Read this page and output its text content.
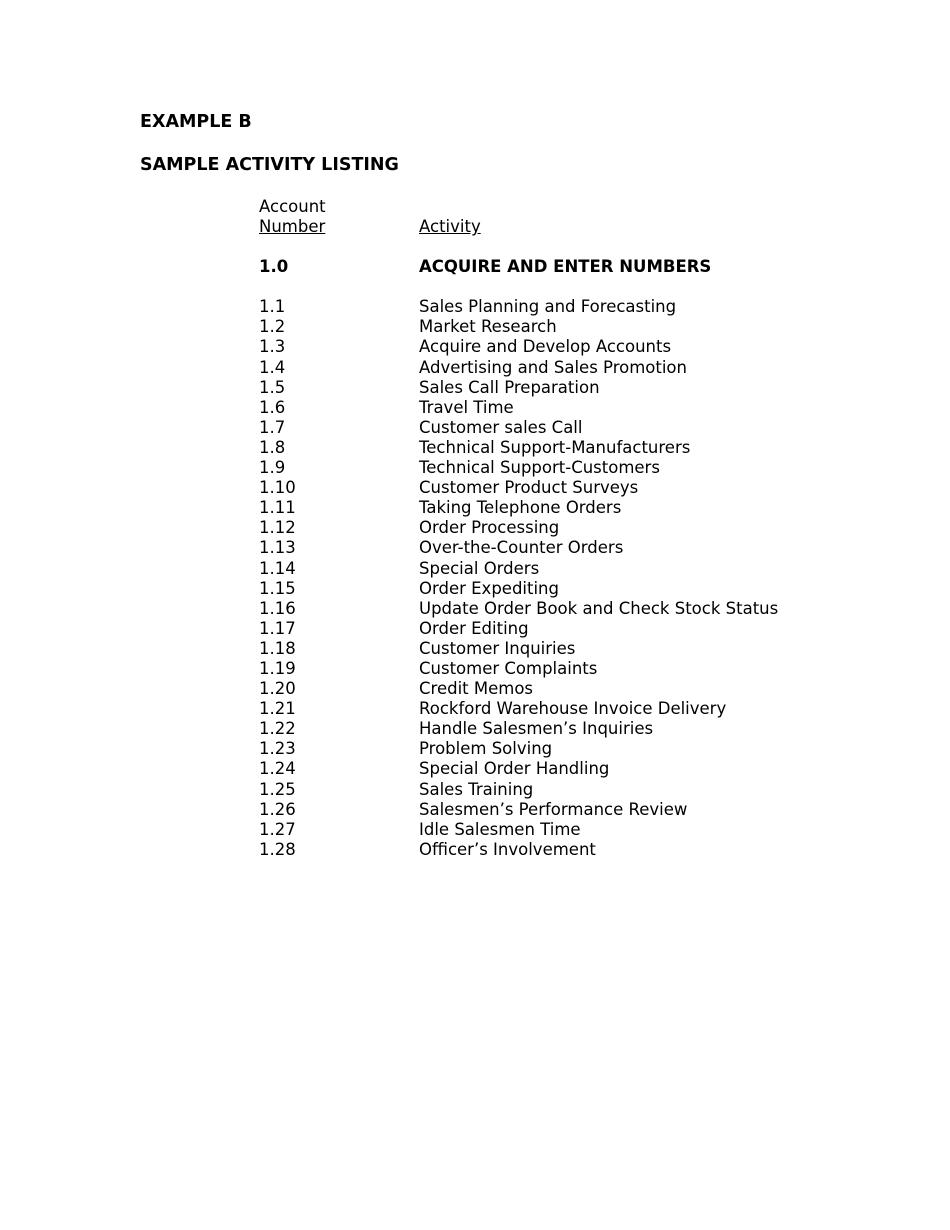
EXAMPLE B
SAMPLE ACTIVITY LISTING
Account
Number	Activity
1.0	ACQUIRE AND ENTER NUMBERS
1.1	Sales Planning and Forecasting
1.2	Market Research
1.3	Acquire and Develop Accounts
1.4	Advertising and Sales Promotion
1.5	Sales Call Preparation
1.6	Travel Time
1.7	Customer sales Call
1.8	Technical Support-Manufacturers
1.9	Technical Support-Customers
1.10	Customer Product Surveys
1.11	Taking Telephone Orders
1.12	Order Processing
1.13	Over-the-Counter Orders
1.14	Special Orders
1.15	Order Expediting
1.16	Update Order Book and Check Stock Status
1.17	Order Editing
1.18	Customer Inquiries
1.19	Customer Complaints
1.20	Credit Memos
1.21	Rockford Warehouse Invoice Delivery
1.22	Handle Salesmen’s Inquiries
1.23	Problem Solving
1.24	Special Order Handling
1.25	Sales Training
1.26	Salesmen’s Performance Review
1.27	Idle Salesmen Time
1.28	Officer’s Involvement
